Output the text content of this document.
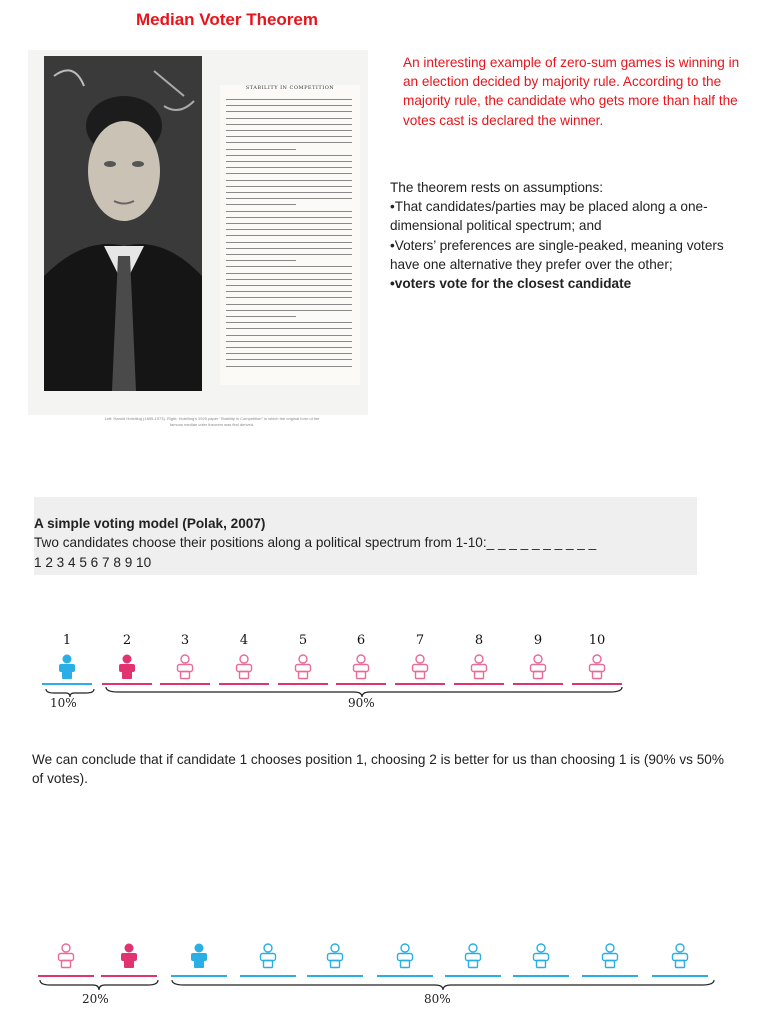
Median Voter Theorem
STABILITY IN COMPETITION
Left: Harold Hotelling (1895-1973). Right: Hotelling's 1929 paper "Stability in Competition" in which the original form of the famous median voter theorem was first derived.
An interesting example of zero-sum games is winning in an election decided by majority rule. According to the majority rule, the candidate who gets more than half the votes cast is declared the winner.

The theorem rests on assumptions:

•That candidates/parties may be placed along a one-dimensional political spectrum; and

•Voters’ preferences are single-peaked, meaning voters have one alternative they prefer over the other;

•voters vote for the closest candidate

A simple voting model (Polak, 2007)
Two candidates choose their positions along a political spectrum from 1-10:_ _ _ _ _ _ _ _ _ _
1 2 3 4 5 6 7 8 9 10
1	2	3	4	5	6	7	8	9	10
10%	90%
We can conclude that if candidate 1 chooses position 1, choosing 2 is better for us than choosing 1 is (90% vs 50% of votes).
20%	80%
